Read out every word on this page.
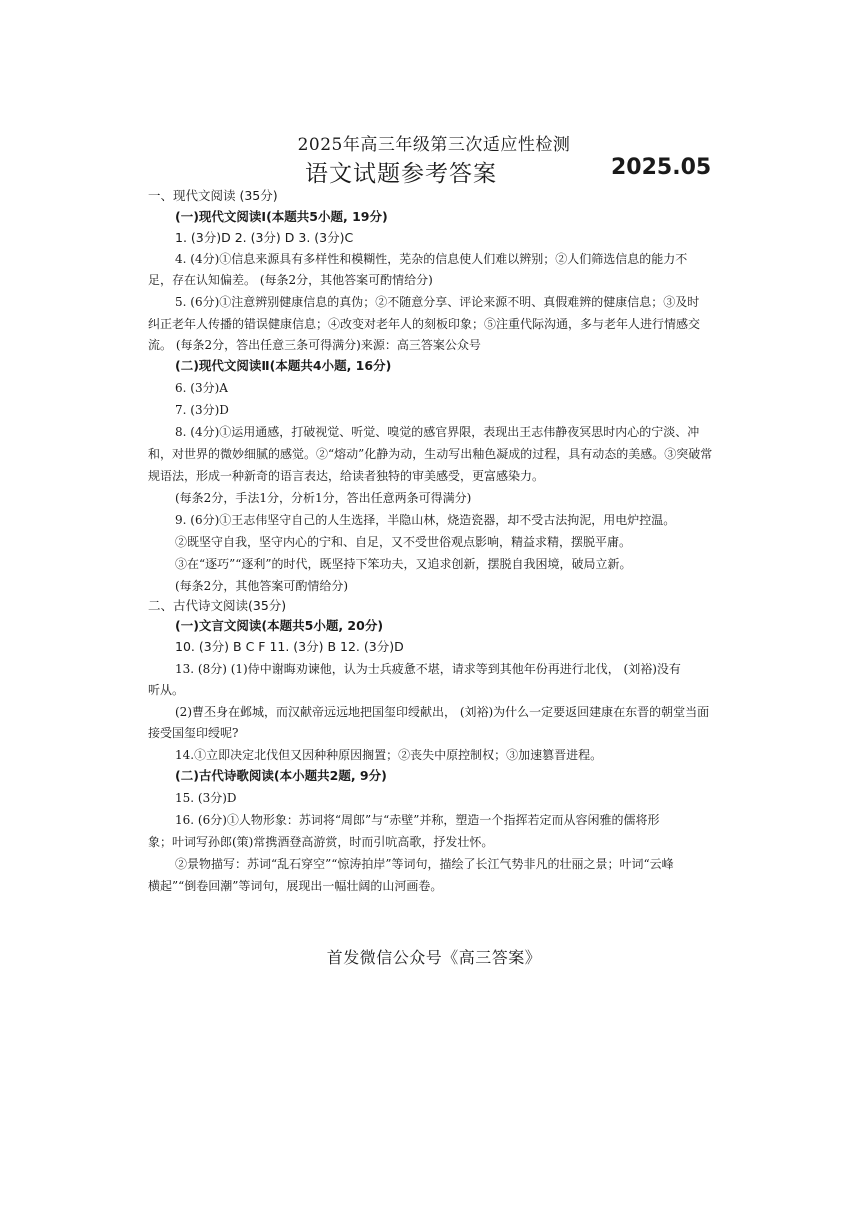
2025年高三年级第三次适应性检测
语文试题参考答案	2025.05
一、现代文阅读 (35分)
(一)现代文阅读Ⅰ(本题共5小题, 19分)
1. (3分)D 2. (3分) D 3. (3分)C
4. (4分)①信息来源具有多样性和模糊性，芜杂的信息使人们难以辨别；②人们筛选信息的能力不
足，存在认知偏差。 (每条2分，其他答案可酌情给分)
5. (6分)①注意辨别健康信息的真伪；②不随意分享、评论来源不明、真假难辨的健康信息；③及时
纠正老年人传播的错误健康信息；④改变对老年人的刻板印象；⑤注重代际沟通，多与老年人进行情感交
流。 (每条2分，答出任意三条可得满分)来源：高三答案公众号
(二)现代文阅读Ⅱ(本题共4小题, 16分)
6. (3分)A
7. (3分)D
8. (4分)①运用通感，打破视觉、听觉、嗅觉的感官界限，表现出王志伟静夜冥思时内心的宁淡、冲
和，对世界的微妙细腻的感觉。②“熔动”化静为动，生动写出釉色凝成的过程，具有动态的美感。③突破常
规语法，形成一种新奇的语言表达，给读者独特的审美感受，更富感染力。
(每条2分，手法1分，分析1分，答出任意两条可得满分)
9. (6分)①王志伟坚守自己的人生选择，半隐山林，烧造瓷器，却不受古法拘泥，用电炉控温。
②既坚守自我，坚守内心的宁和、自足，又不受世俗观点影响，精益求精，摆脱平庸。
③在“逐巧”“逐利”的时代，既坚持下笨功夫，又追求创新，摆脱自我困境，破局立新。
(每条2分，其他答案可酌情给分)
二、古代诗文阅读(35分)
(一)文言文阅读(本题共5小题, 20分)
10. (3分) B C F 11. (3分) B 12. (3分)D
13. (8分) (1)侍中谢晦劝谏他，认为士兵疲惫不堪，请求等到其他年份再进行北伐， (刘裕)没有
听从。
(2)曹丕身在邺城，而汉献帝远远地把国玺印绶献出， (刘裕)为什么一定要返回建康在东晋的朝堂当面
接受国玺印绶呢?
14.①立即决定北伐但又因种种原因搁置；②丧失中原控制权；③加速篡晋进程。
(二)古代诗歌阅读(本小题共2题, 9分)
15. (3分)D
16. (6分)①人物形象：苏词将“周郎”与“赤壁”并称，塑造一个指挥若定而从容闲雅的儒将形
象；叶词写孙郎(策)常携酒登高游赏，时而引吭高歌，抒发壮怀。
②景物描写：苏词“乱石穿空”“惊涛拍岸”等词句，描绘了长江气势非凡的壮丽之景；叶词“云峰
横起”“倒卷回潮”等词句，展现出一幅壮阔的山河画卷。
首发微信公众号《高三答案》
